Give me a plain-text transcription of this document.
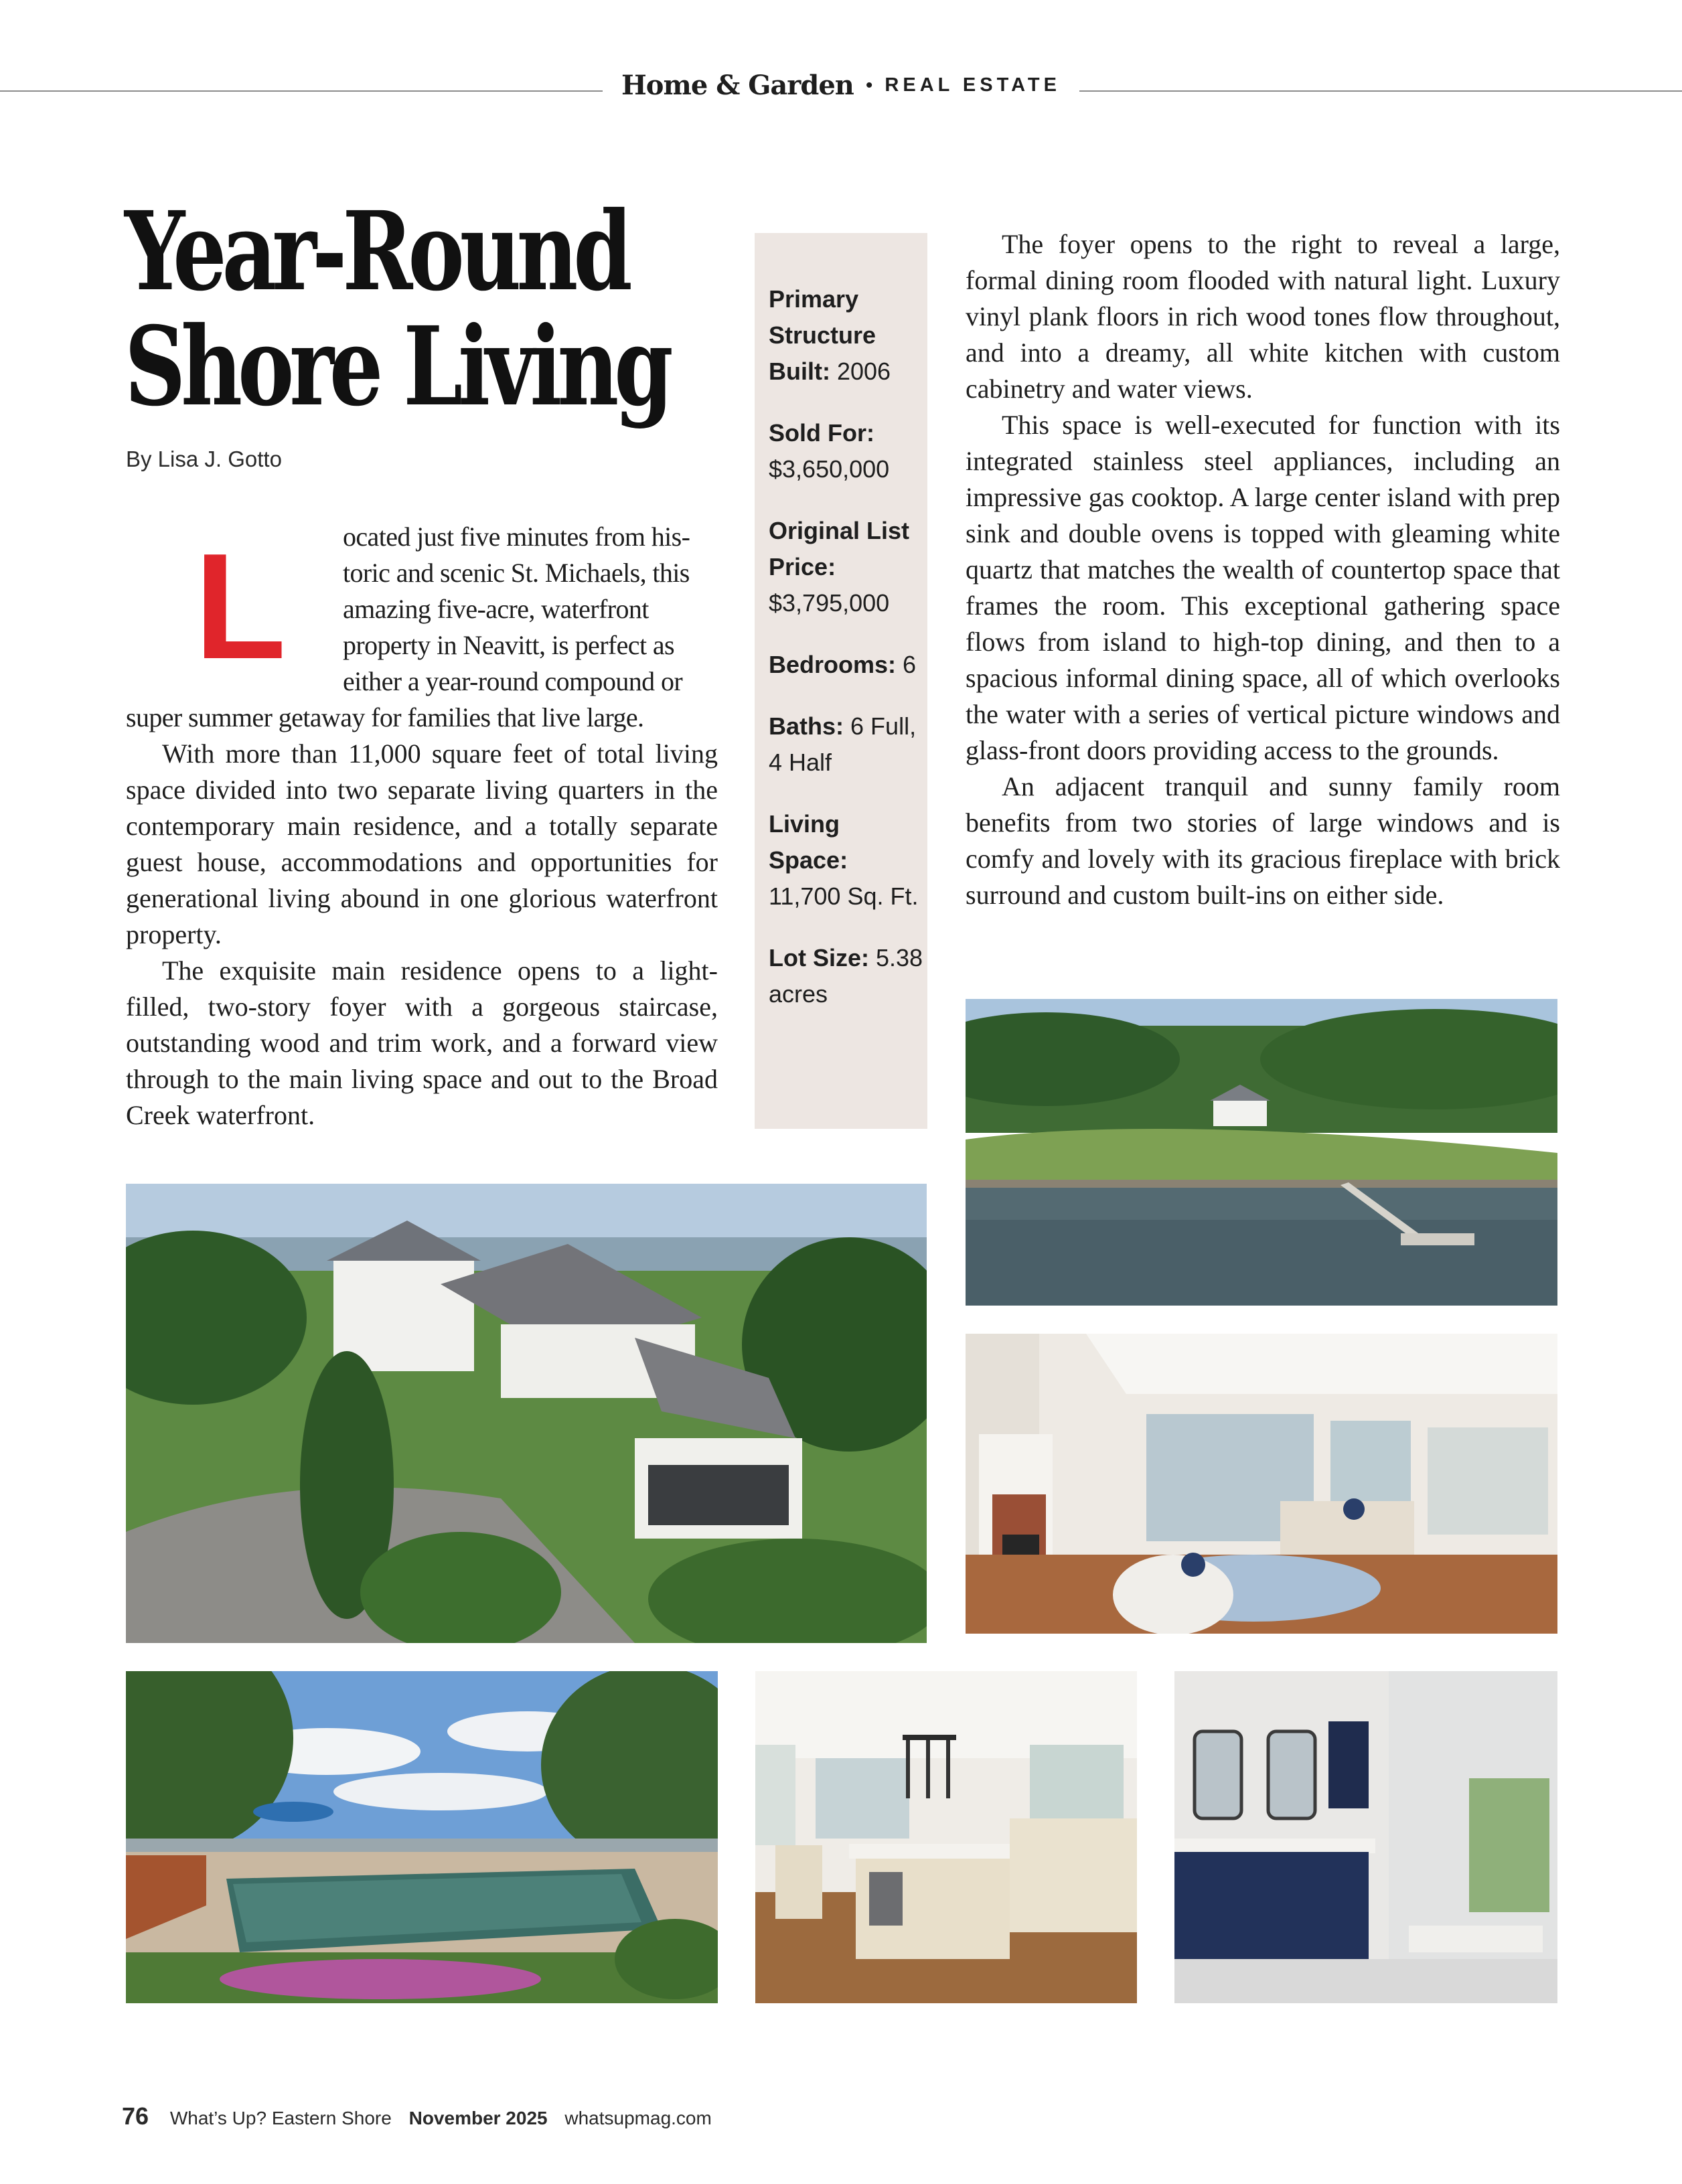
Home & Garden • REAL ESTATE
Year-Round
Shore Living
By Lisa J. Gotto
L ocated just five minutes from his-
toric and scenic St. Michaels, this
amazing five-acre, waterfront
property in Neavitt, is perfect as
either a year-round compound or

super summer getaway for families that live large.

With more than 11,000 square feet of total living space divided into two separate living quarters in the contemporary main residence, and a totally separate guest house, accommodations and opportunities for generational living abound in one glorious waterfront property.

The exquisite main residence opens to a light-filled, two-story foyer with a gorgeous staircase, outstanding wood and trim work, and a forward view through to the main living space and out to the Broad Creek waterfront.

Primary Structure Built: 2006
Sold For: $3,650,000
Original List Price: $3,795,000
Bedrooms: 6
Baths: 6 Full, 4 Half
Living Space: 11,700 Sq. Ft.
Lot Size: 5.38 acres

The foyer opens to the right to reveal a large, formal dining room flooded with natural light. Luxury vinyl plank floors in rich wood tones flow throughout, and into a dreamy, all white kitchen with custom cabinetry and water views.

This space is well-executed for function with its integrated stainless steel appliances, including an impressive gas cooktop. A large center island with prep sink and double ovens is topped with gleaming white quartz that matches the wealth of countertop space that frames the room. This exceptional gathering space flows from island to high-top dining, and then to a spacious informal dining space, all of which overlooks the water with a series of vertical picture windows and glass-front doors providing access to the grounds.

An adjacent tranquil and sunny family room benefits from two stories of large windows and is comfy and lovely with its gracious fireplace with brick surround and custom built-ins on either side.

76 What’s Up? Eastern Shore November 2025 whatsupmag.com
